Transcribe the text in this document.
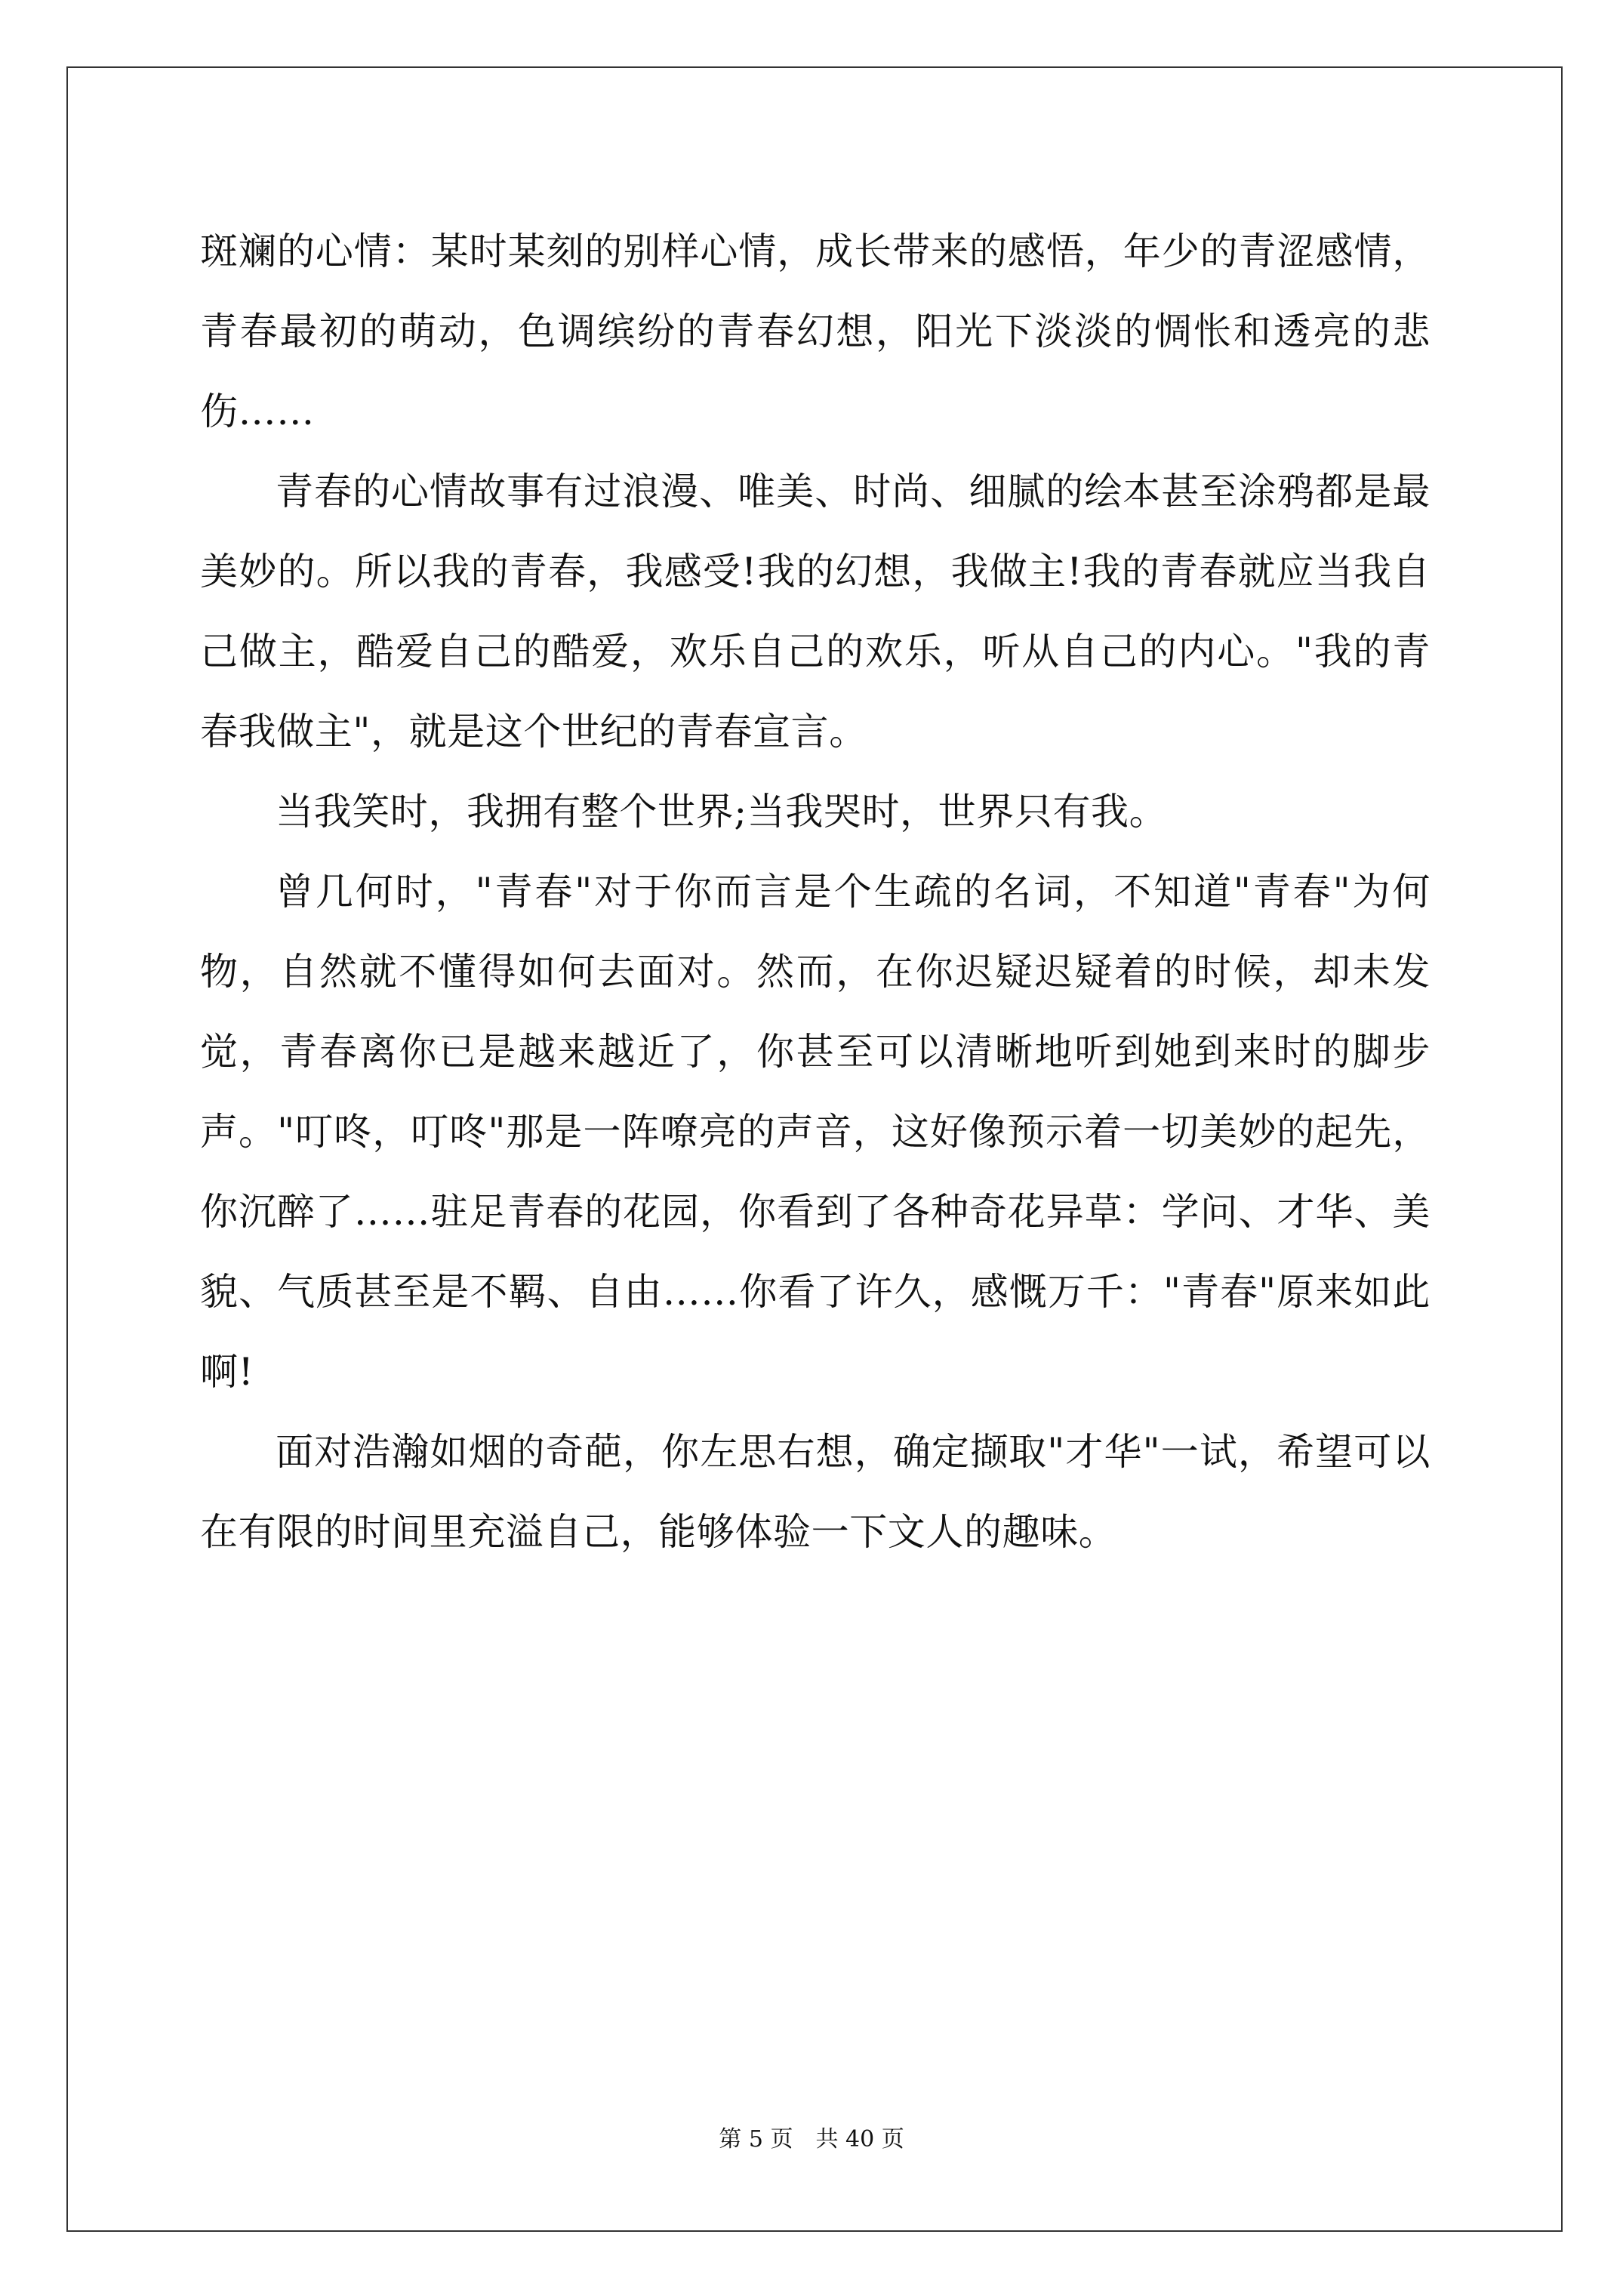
斑斓的心情：某时某刻的别样心情，成长带来的感悟，年少的青涩感情，青春最初的萌动，色调缤纷的青春幻想，阳光下淡淡的惆怅和透亮的悲伤……

青春的心情故事有过浪漫、唯美、时尚、细腻的绘本甚至涂鸦都是最美妙的。所以我的青春，我感受!我的幻想，我做主!我的青春就应当我自己做主，酷爱自己的酷爱，欢乐自己的欢乐，听从自己的内心。"我的青春我做主"，就是这个世纪的青春宣言。

当我笑时，我拥有整个世界;当我哭时，世界只有我。

曾几何时，"青春"对于你而言是个生疏的名词，不知道"青春"为何物，自然就不懂得如何去面对。然而，在你迟疑迟疑着的时候，却未发觉，青春离你已是越来越近了，你甚至可以清晰地听到她到来时的脚步声。"叮咚，叮咚"那是一阵嘹亮的声音，这好像预示着一切美妙的起先，你沉醉了……驻足青春的花园，你看到了各种奇花异草：学问、才华、美貌、气质甚至是不羁、自由……你看了许久，感慨万千："青春"原来如此啊!

面对浩瀚如烟的奇葩，你左思右想，确定撷取"才华"一试，希望可以在有限的时间里充溢自己，能够体验一下文人的趣味。

第 5 页　共 40 页
